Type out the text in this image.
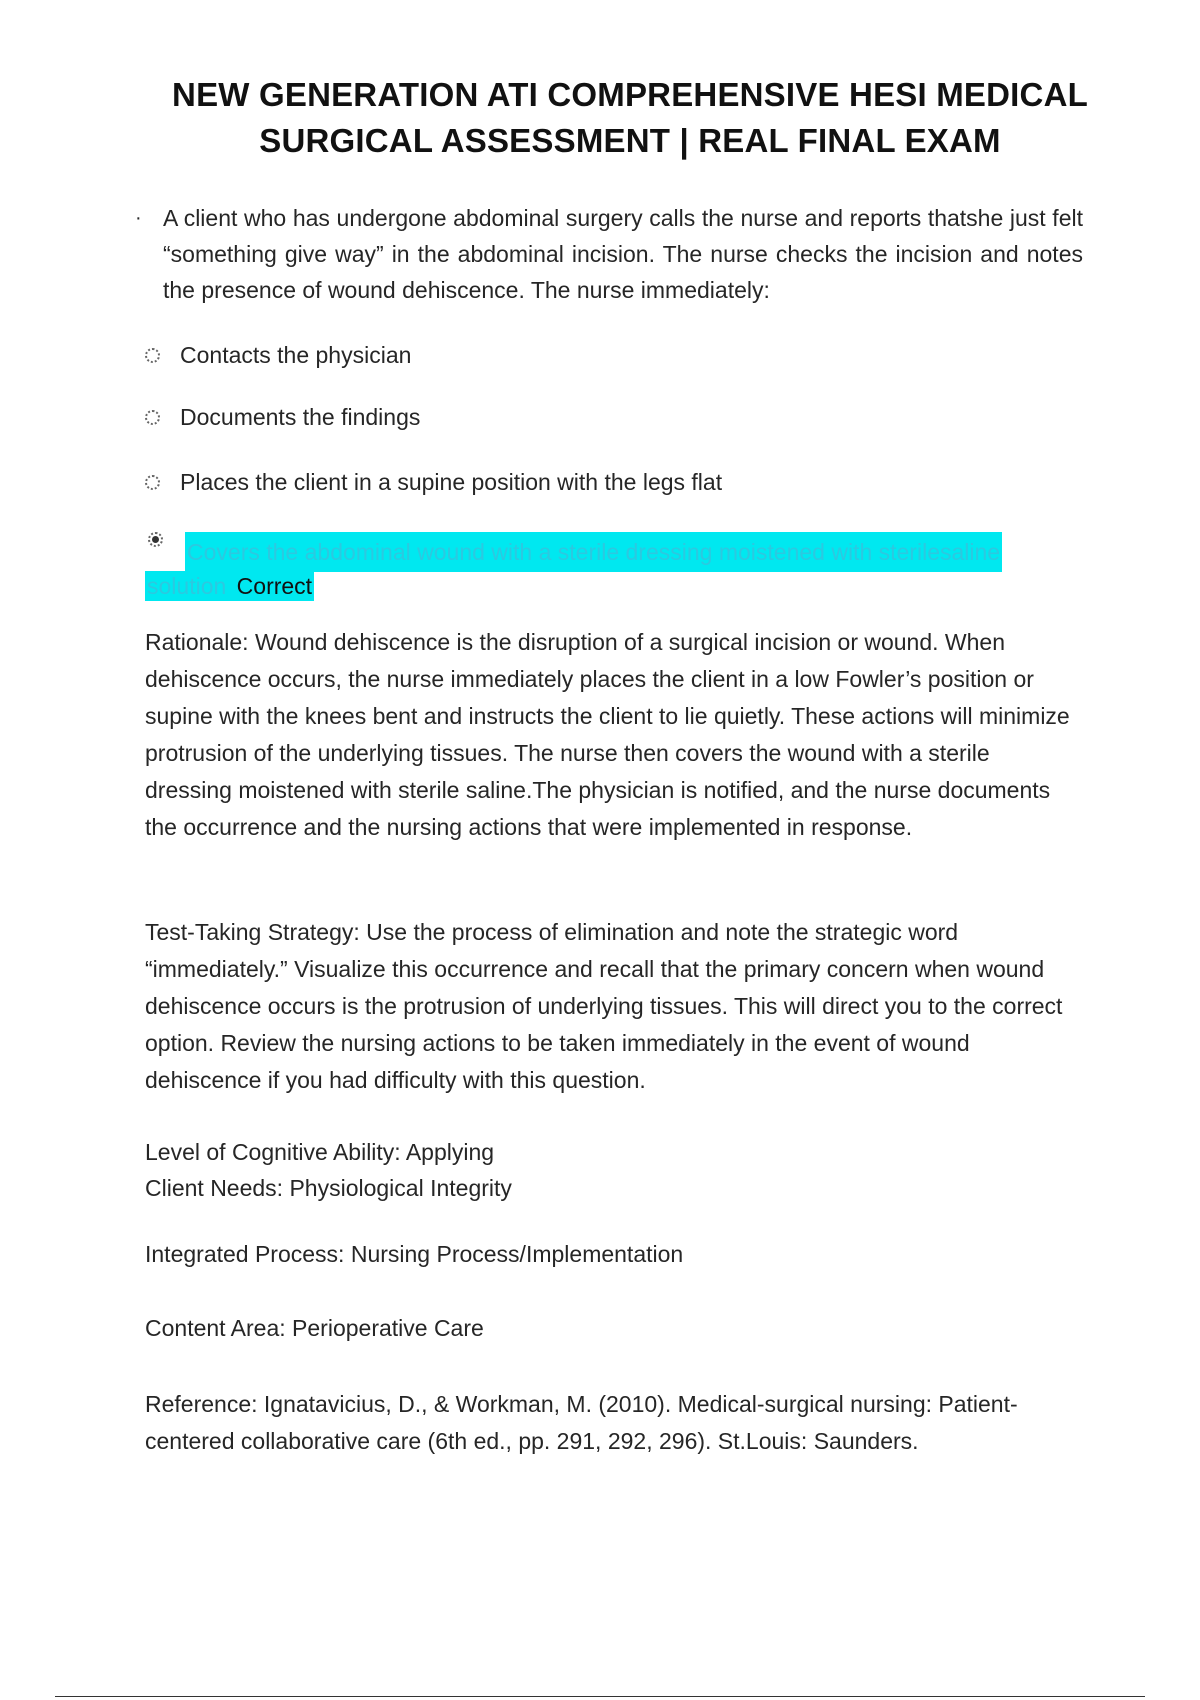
NEW GENERATION ATI COMPREHENSIVE HESI MEDICAL SURGICAL ASSESSMENT | REAL FINAL EXAM
· A client who has undergone abdominal surgery calls the nurse and reports thatshe just felt “something give way” in the abdominal incision. The nurse checks the incision and notes the presence of wound dehiscence. The nurse immediately:
Contacts the physician
Documents the findings
Places the client in a supine position with the legs flat
Covers the abdominal wound with a sterile dressing moistened with sterilesaline
solution Correct
Rationale: Wound dehiscence is the disruption of a surgical incision or wound. When dehiscence occurs, the nurse immediately places the client in a low Fowler’s position or supine with the knees bent and instructs the client to lie quietly. These actions will minimize protrusion of the underlying tissues. The nurse then covers the wound with a sterile dressing moistened with sterile saline.The physician is notified, and the nurse documents the occurrence and the nursing actions that were implemented in response.
Test-Taking Strategy: Use the process of elimination and note the strategic word “immediately.” Visualize this occurrence and recall that the primary concern when wound dehiscence occurs is the protrusion of underlying tissues. This will direct you to the correct option. Review the nursing actions to be taken immediately in the event of wound dehiscence if you had difficulty with this question.
Level of Cognitive Ability: Applying
Client Needs: Physiological Integrity
Integrated Process: Nursing Process/Implementation
Content Area: Perioperative Care
Reference: Ignatavicius, D., & Workman, M. (2010). Medical-surgical nursing: Patient-centered collaborative care (6th ed., pp. 291, 292, 296). St.Louis: Saunders.
